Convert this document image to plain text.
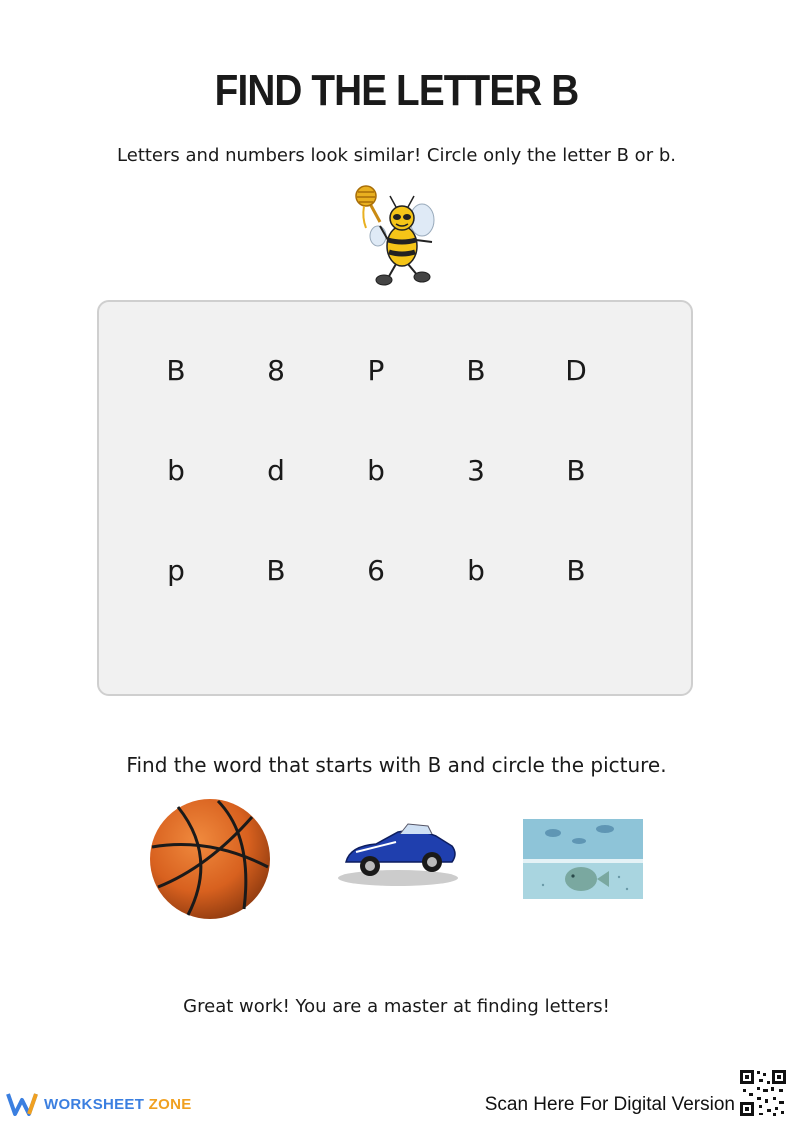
FIND THE LETTER B
Letters and numbers look similar! Circle only the letter B or b.
B	8	P	B	D
b	d	b	3	B
p	B	6	b	B
Find the word that starts with B and circle the picture.
Great work! You are a master at finding letters!
WORKSHEET ZONE	Scan Here For Digital Version
